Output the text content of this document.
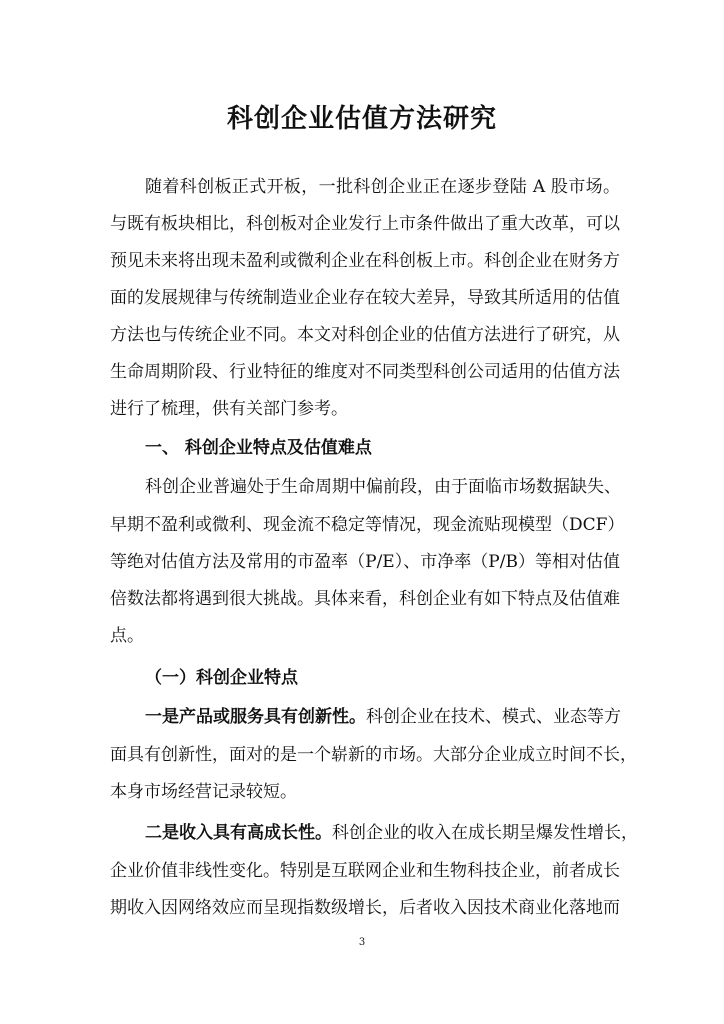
科创企业估值方法研究

随着科创板正式开板，一批科创企业正在逐步登陆 A 股市场。

与既有板块相比，科创板对企业发行上市条件做出了重大改革，可以

预见未来将出现未盈利或微利企业在科创板上市。科创企业在财务方

面的发展规律与传统制造业企业存在较大差异，导致其所适用的估值

方法也与传统企业不同。本文对科创企业的估值方法进行了研究，从

生命周期阶段、行业特征的维度对不同类型科创公司适用的估值方法

进行了梳理，供有关部门参考。

一、 科创企业特点及估值难点

科创企业普遍处于生命周期中偏前段，由于面临市场数据缺失、

早期不盈利或微利、现金流不稳定等情况，现金流贴现模型（DCF）

等绝对估值方法及常用的市盈率（P/E）、市净率（P/B）等相对估值

倍数法都将遇到很大挑战。具体来看，科创企业有如下特点及估值难

点。

（一）科创企业特点

一是产品或服务具有创新性。科创企业在技术、模式、业态等方

面具有创新性，面对的是一个崭新的市场。大部分企业成立时间不长，

本身市场经营记录较短。

二是收入具有高成长性。科创企业的收入在成长期呈爆发性增长，

企业价值非线性变化。特别是互联网企业和生物科技企业，前者成长

期收入因网络效应而呈现指数级增长，后者收入因技术商业化落地而

3
